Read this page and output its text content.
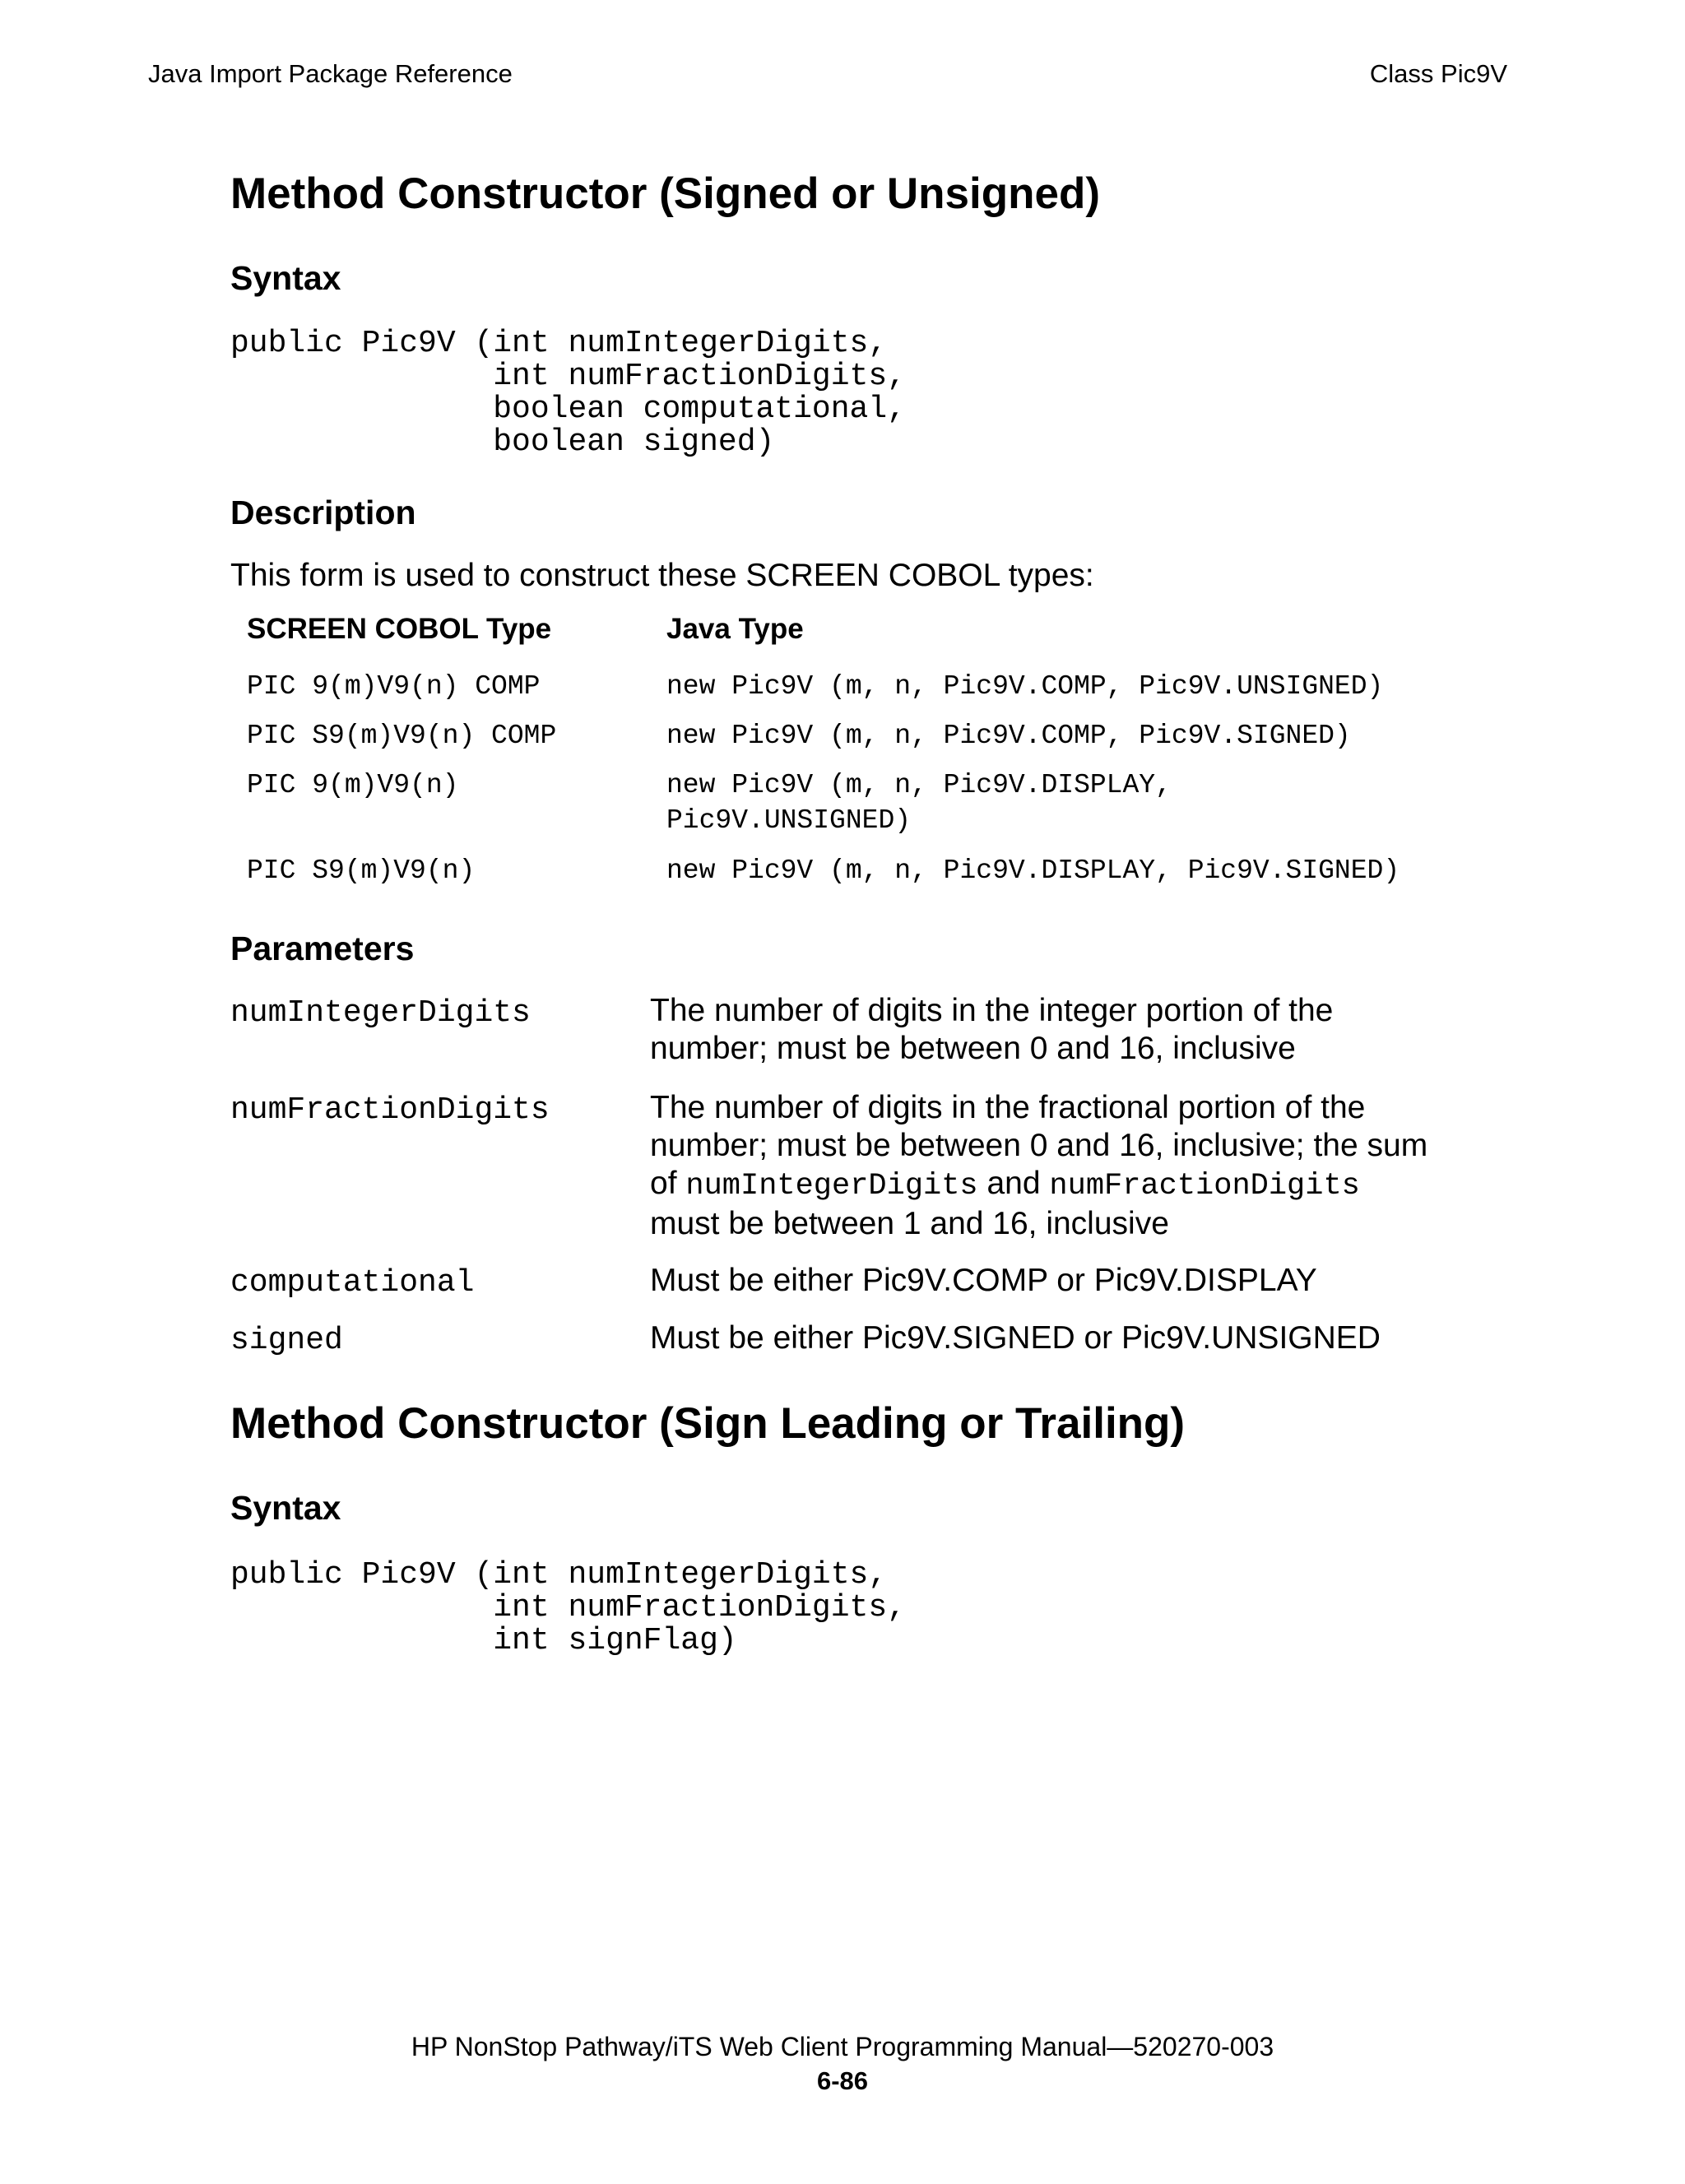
Java Import Package Reference	Class Pic9V
Method Constructor (Signed or Unsigned)
Syntax
public Pic9V (int numIntegerDigits,
int numFractionDigits,
boolean computational,
boolean signed)
Description

This form is used to construct these SCREEN COBOL types:

SCREEN COBOL Type	Java Type
PIC 9(m)V9(n) COMP	new Pic9V (m, n, Pic9V.COMP, Pic9V.UNSIGNED)
PIC S9(m)V9(n) COMP	new Pic9V (m, n, Pic9V.COMP, Pic9V.SIGNED)
PIC 9(m)V9(n)	new Pic9V (m, n, Pic9V.DISPLAY,
Pic9V.UNSIGNED)
PIC S9(m)V9(n)	new Pic9V (m, n, Pic9V.DISPLAY, Pic9V.SIGNED)
Parameters
numIntegerDigits	The number of digits in the integer portion of the
number; must be between 0 and 16, inclusive
numFractionDigits	The number of digits in the fractional portion of the
number; must be between 0 and 16, inclusive; the sum
of numIntegerDigits and numFractionDigits
must be between 1 and 16, inclusive
computational	Must be either Pic9V.COMP or Pic9V.DISPLAY
signed	Must be either Pic9V.SIGNED or Pic9V.UNSIGNED
Method Constructor (Sign Leading or Trailing)
Syntax
public Pic9V (int numIntegerDigits,
int numFractionDigits,
int signFlag)
HP NonStop Pathway/iTS Web Client Programming Manual—520270-003
6-86
